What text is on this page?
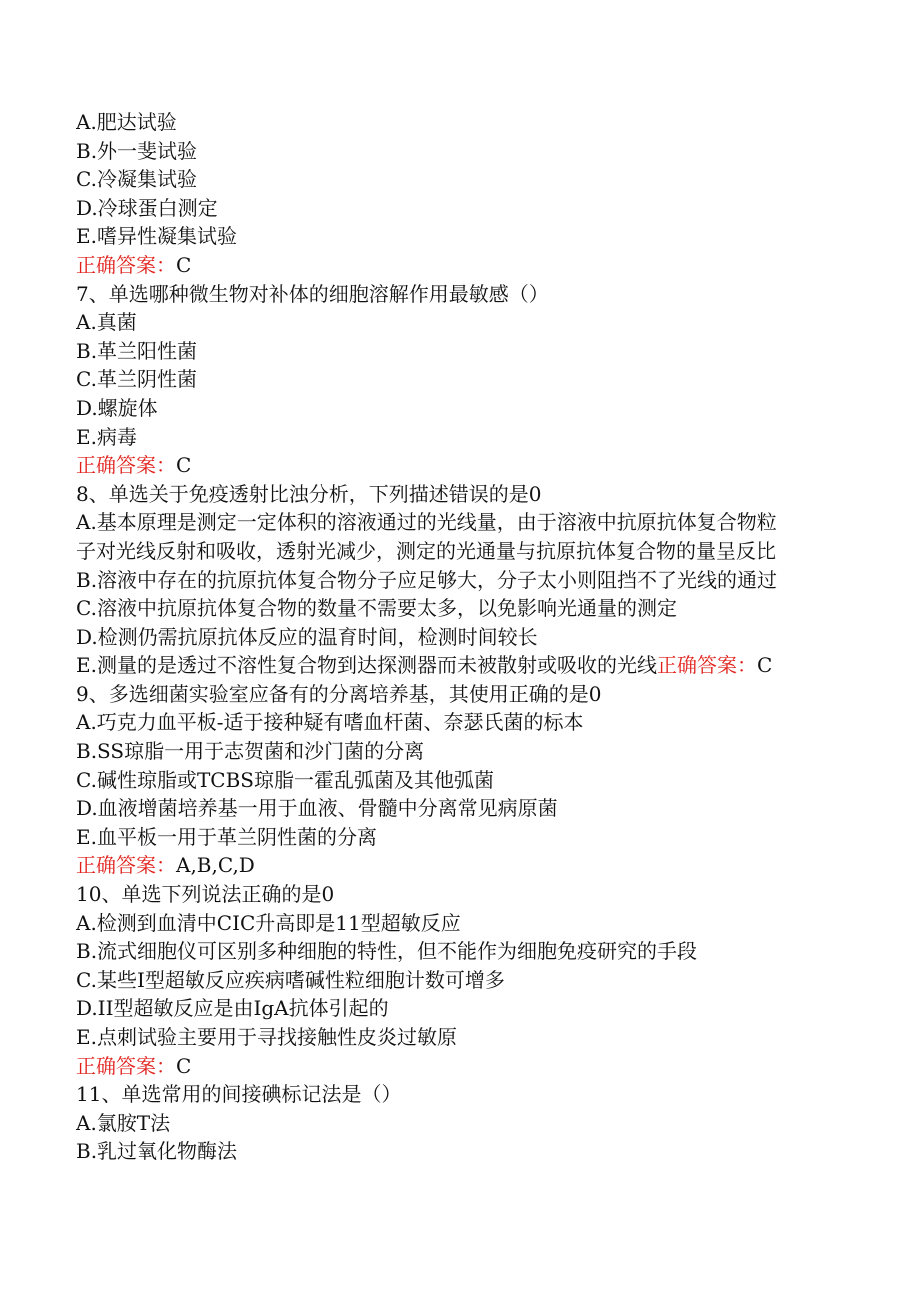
A.肥达试验
B.外一斐试验
C.冷凝集试验
D.冷球蛋白测定
E.嗜异性凝集试验
正确答案：C
7、单选哪种微生物对补体的细胞溶解作用最敏感（）
A.真菌
B.革兰阳性菌
C.革兰阴性菌
D.螺旋体
E.病毒
正确答案：C
8、单选关于免疫透射比浊分析，下列描述错误的是0
A.基本原理是测定一定体积的溶液通过的光线量，由于溶液中抗原抗体复合物粒
子对光线反射和吸收，透射光减少，测定的光通量与抗原抗体复合物的量呈反比
B.溶液中存在的抗原抗体复合物分子应足够大，分子太小则阻挡不了光线的通过
C.溶液中抗原抗体复合物的数量不需要太多，以免影响光通量的测定
D.检测仍需抗原抗体反应的温育时间，检测时间较长
E.测量的是透过不溶性复合物到达探测器而未被散射或吸收的光线正确答案：C
9、多选细菌实验室应备有的分离培养基，其使用正确的是0
A.巧克力血平板-适于接种疑有嗜血杆菌、奈瑟氏菌的标本
B.SS琼脂一用于志贺菌和沙门菌的分离
C.碱性琼脂或TCBS琼脂一霍乱弧菌及其他弧菌
D.血液增菌培养基一用于血液、骨髓中分离常见病原菌
E.血平板一用于革兰阴性菌的分离
正确答案：A,B,C,D
10、单选下列说法正确的是0
A.检测到血清中CIC升高即是11型超敏反应
B.流式细胞仪可区别多种细胞的特性，但不能作为细胞免疫研究的手段
C.某些I型超敏反应疾病嗜碱性粒细胞计数可增多
D.II型超敏反应是由IgA抗体引起的
E.点刺试验主要用于寻找接触性皮炎过敏原
正确答案：C
11、单选常用的间接碘标记法是（）
A.氯胺T法
B.乳过氧化物酶法
